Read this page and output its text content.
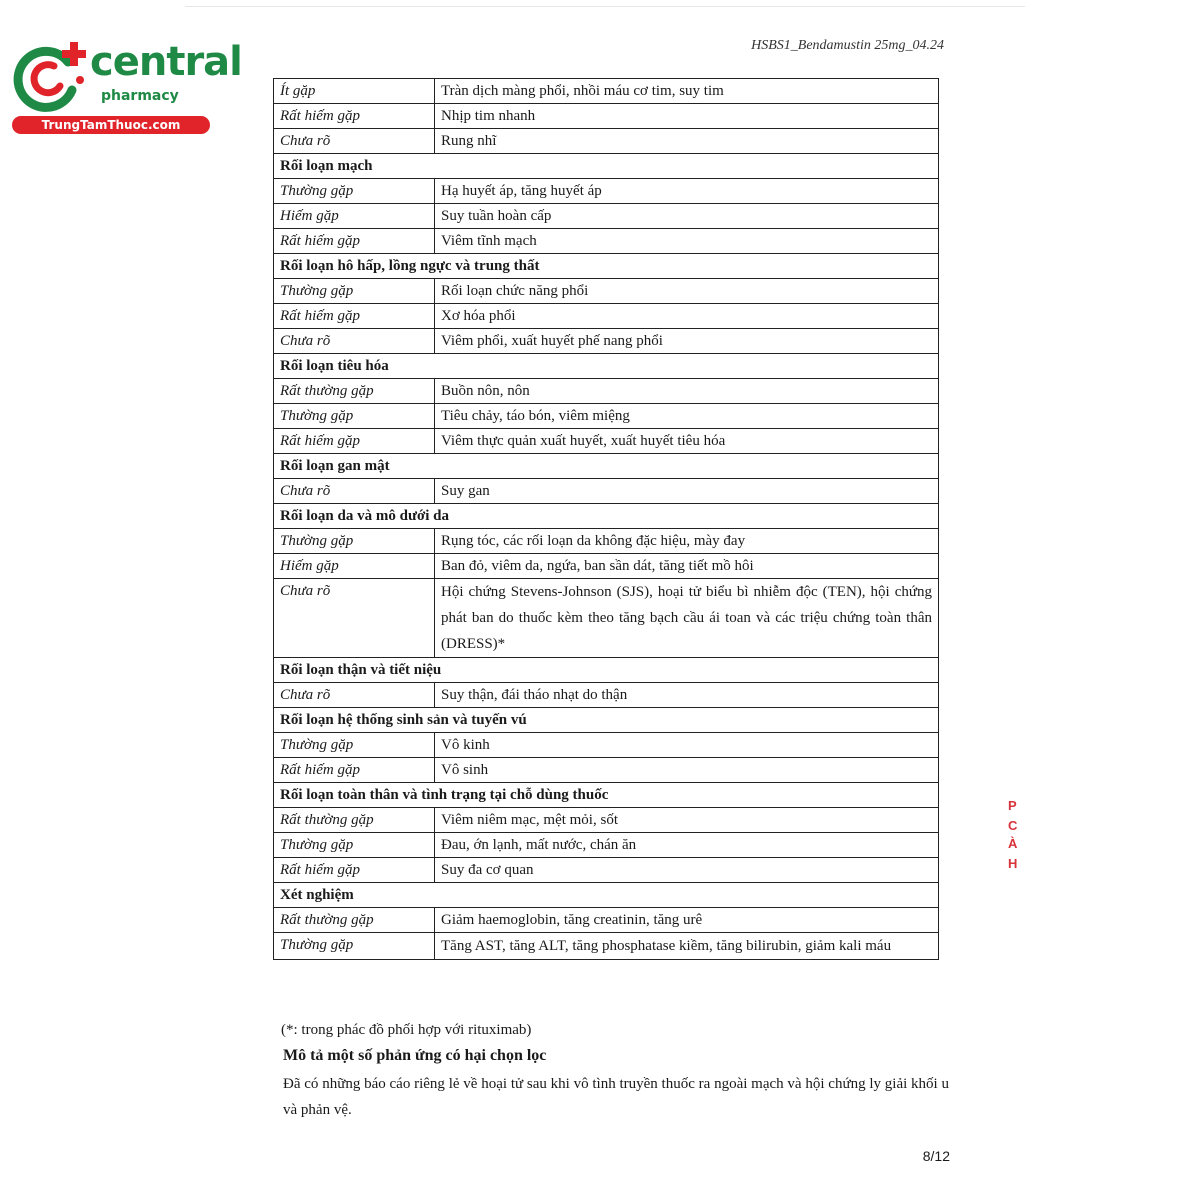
central
pharmacy
TrungTamThuoc.com
HSBS1_Bendamustin 25mg_04.24
Ít gặp	Tràn dịch màng phổi, nhồi máu cơ tim, suy tim
Rất hiếm gặp	Nhịp tim nhanh
Chưa rõ	Rung nhĩ
Rối loạn mạch	
Thường gặp	Hạ huyết áp, tăng huyết áp
Hiếm gặp	Suy tuần hoàn cấp
Rất hiếm gặp	Viêm tĩnh mạch
Rối loạn hô hấp, lồng ngực và trung thất	
Thường gặp	Rối loạn chức năng phổi
Rất hiếm gặp	Xơ hóa phổi
Chưa rõ	Viêm phổi, xuất huyết phế nang phổi
Rối loạn tiêu hóa	
Rất thường gặp	Buồn nôn, nôn
Thường gặp	Tiêu chảy, táo bón, viêm miệng
Rất hiếm gặp	Viêm thực quản xuất huyết, xuất huyết tiêu hóa
Rối loạn gan mật	
Chưa rõ	Suy gan
Rối loạn da và mô dưới da	
Thường gặp	Rụng tóc, các rối loạn da không đặc hiệu, mày đay
Hiếm gặp	Ban đỏ, viêm da, ngứa, ban sần dát, tăng tiết mồ hôi
Chưa rõ	Hội chứng Stevens-Johnson (SJS), hoại tử biểu bì nhiễm độc (TEN), hội chứng phát ban do thuốc kèm theo tăng bạch cầu ái toan và các triệu chứng toàn thân (DRESS)*
Rối loạn thận và tiết niệu	
Chưa rõ	Suy thận, đái tháo nhạt do thận
Rối loạn hệ thống sinh sản và tuyến vú	
Thường gặp	Vô kinh
Rất hiếm gặp	Vô sinh
Rối loạn toàn thân và tình trạng tại chỗ dùng thuốc	
Rất thường gặp	Viêm niêm mạc, mệt mỏi, sốt
Thường gặp	Đau, ớn lạnh, mất nước, chán ăn
Rất hiếm gặp	Suy đa cơ quan
Xét nghiệm	
Rất thường gặp	Giảm haemoglobin, tăng creatinin, tăng urê
Thường gặp	Tăng AST, tăng ALT, tăng phosphatase kiềm, tăng bilirubin, giảm kali máu
(*: trong phác đồ phối hợp với rituximab)
Mô tả một số phản ứng có hại chọn lọc
Đã có những báo cáo riêng lẻ về hoại tử sau khi vô tình truyền thuốc ra ngoài mạch và hội chứng ly giải khối u và phản vệ.
8/12
P
C
À
H
